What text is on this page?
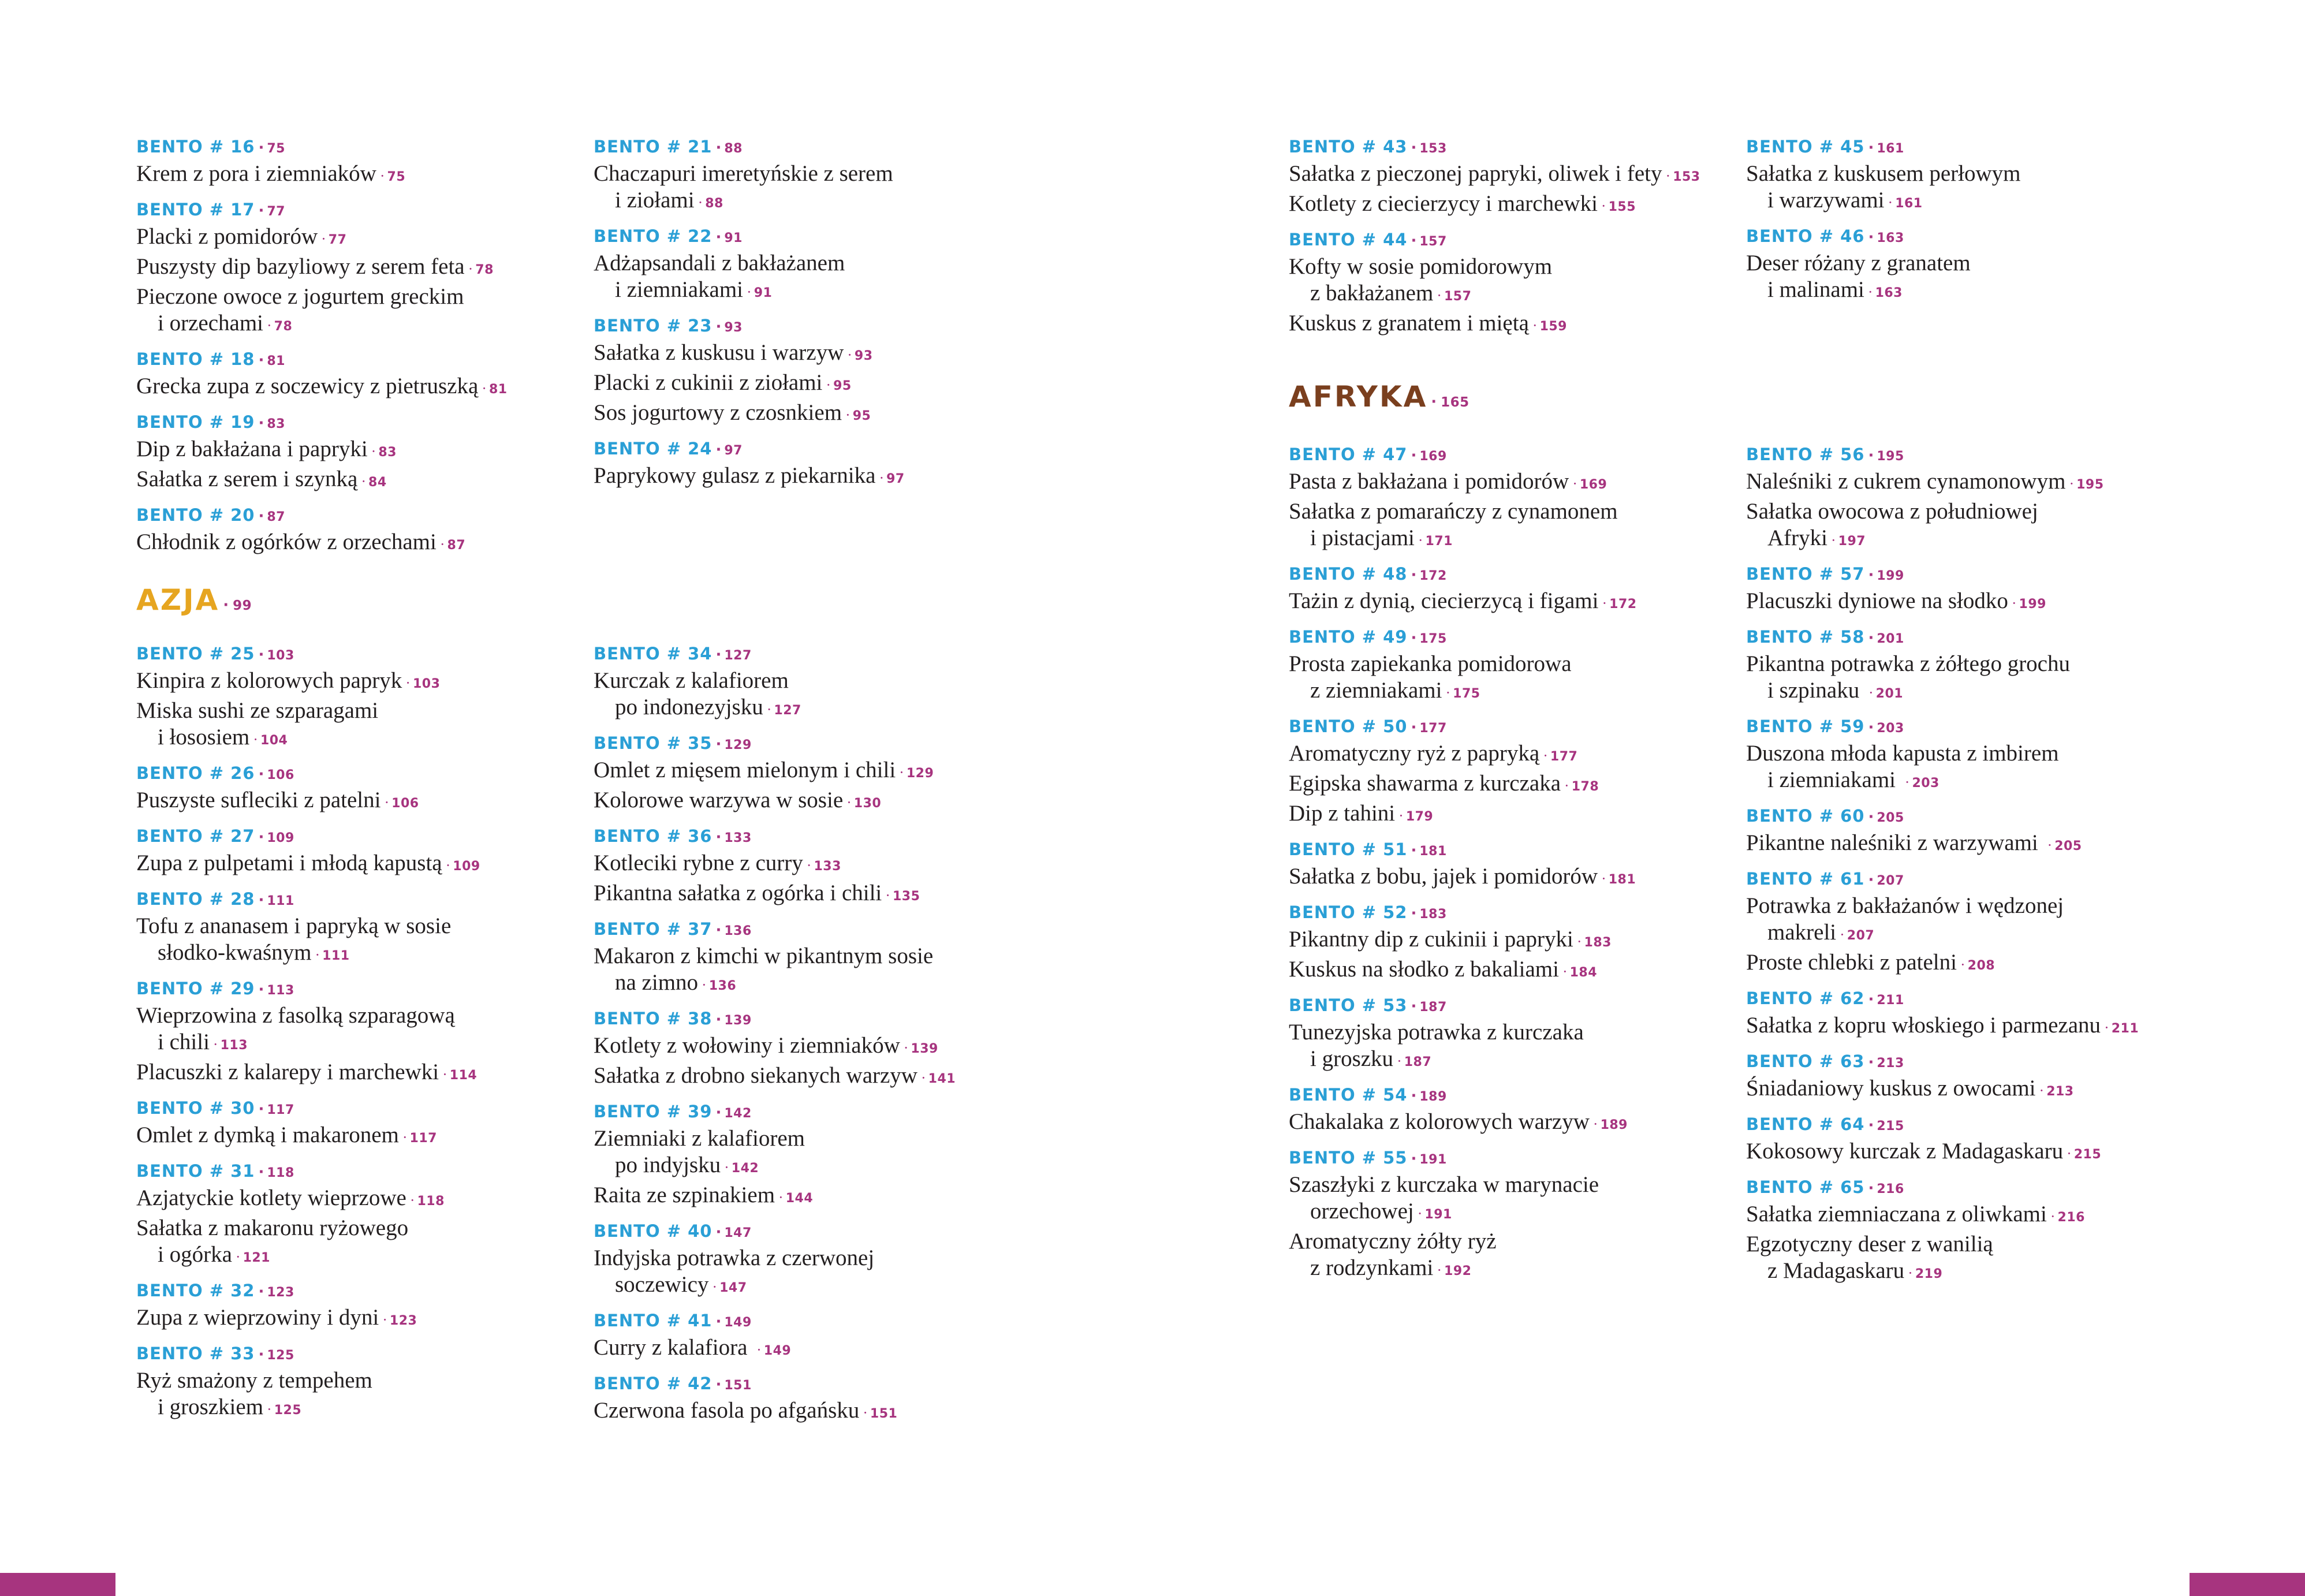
BENTO # 16 · 75
Krem z pora i ziemniaków · 75
BENTO # 17 · 77
Placki z pomidorów · 77
Puszysty dip bazyliowy z serem feta · 78
Pieczone owoce z jogurtem greckim
i orzechami · 78
BENTO # 18 · 81
Grecka zupa z soczewicy z pietruszką · 81
BENTO # 19 · 83
Dip z bakłażana i papryki · 83
Sałatka z serem i szynką · 84
BENTO # 20 · 87
Chłodnik z ogórków z orzechami · 87
BENTO # 21 · 88
Chaczapuri imeretyńskie z serem
i ziołami · 88
BENTO # 22 · 91
Adżapsandali z bakłażanem
i ziemniakami · 91
BENTO # 23 · 93
Sałatka z kuskusu i warzyw · 93
Placki z cukinii z ziołami · 95
Sos jogurtowy z czosnkiem · 95
BENTO # 24 · 97
Paprykowy gulasz z piekarnika · 97
AZJA · 99
BENTO # 25 · 103
Kinpira z kolorowych papryk · 103
Miska sushi ze szparagami
i łososiem · 104
BENTO # 26 · 106
Puszyste sufleciki z patelni · 106
BENTO # 27 · 109
Zupa z pulpetami i młodą kapustą · 109
BENTO # 28 · 111
Tofu z ananasem i papryką w sosie
słodko-kwaśnym · 111
BENTO # 29 · 113
Wieprzowina z fasolką szparagową
i chili · 113
Placuszki z kalarepy i marchewki · 114
BENTO # 30 · 117
Omlet z dymką i makaronem · 117
BENTO # 31 · 118
Azjatyckie kotlety wieprzowe · 118
Sałatka z makaronu ryżowego
i ogórka · 121
BENTO # 32 · 123
Zupa z wieprzowiny i dyni · 123
BENTO # 33 · 125
Ryż smażony z tempehem
i groszkiem · 125
BENTO # 34 · 127
Kurczak z kalafiorem
po indonezyjsku · 127
BENTO # 35 · 129
Omlet z mięsem mielonym i chili · 129
Kolorowe warzywa w sosie · 130
BENTO # 36 · 133
Kotleciki rybne z curry · 133
Pikantna sałatka z ogórka i chili · 135
BENTO # 37 · 136
Makaron z kimchi w pikantnym sosie
na zimno · 136
BENTO # 38 · 139
Kotlety z wołowiny i ziemniaków · 139
Sałatka z drobno siekanych warzyw · 141
BENTO # 39 · 142
Ziemniaki z kalafiorem
po indyjsku · 142
Raita ze szpinakiem · 144
BENTO # 40 · 147
Indyjska potrawka z czerwonej
soczewicy · 147
BENTO # 41 · 149
Curry z kalafiora · 149
BENTO # 42 · 151
Czerwona fasola po afgańsku · 151
BENTO # 43 · 153
Sałatka z pieczonej papryki, oliwek i fety · 153
Kotlety z ciecierzycy i marchewki · 155
BENTO # 44 · 157
Kofty w sosie pomidorowym
z bakłażanem · 157
Kuskus z granatem i miętą · 159
BENTO # 45 · 161
Sałatka z kuskusem perłowym
i warzywami · 161
BENTO # 46 · 163
Deser różany z granatem
i malinami · 163
AFRYKA · 165
BENTO # 47 · 169
Pasta z bakłażana i pomidorów · 169
Sałatka z pomarańczy z cynamonem
i pistacjami · 171
BENTO # 48 · 172
Tażin z dynią, ciecierzycą i figami · 172
BENTO # 49 · 175
Prosta zapiekanka pomidorowa
z ziemniakami · 175
BENTO # 50 · 177
Aromatyczny ryż z papryką · 177
Egipska shawarma z kurczaka · 178
Dip z tahini · 179
BENTO # 51 · 181
Sałatka z bobu, jajek i pomidorów · 181
BENTO # 52 · 183
Pikantny dip z cukinii i papryki · 183
Kuskus na słodko z bakaliami · 184
BENTO # 53 · 187
Tunezyjska potrawka z kurczaka
i groszku · 187
BENTO # 54 · 189
Chakalaka z kolorowych warzyw · 189
BENTO # 55 · 191
Szaszłyki z kurczaka w marynacie
orzechowej · 191
Aromatyczny żółty ryż
z rodzynkami · 192
BENTO # 56 · 195
Naleśniki z cukrem cynamonowym · 195
Sałatka owocowa z południowej
Afryki · 197
BENTO # 57 · 199
Placuszki dyniowe na słodko · 199
BENTO # 58 · 201
Pikantna potrawka z żółtego grochu
i szpinaku · 201
BENTO # 59 · 203
Duszona młoda kapusta z imbirem
i ziemniakami · 203
BENTO # 60 · 205
Pikantne naleśniki z warzywami · 205
BENTO # 61 · 207
Potrawka z bakłażanów i wędzonej
makreli · 207
Proste chlebki z patelni · 208
BENTO # 62 · 211
Sałatka z kopru włoskiego i parmezanu · 211
BENTO # 63 · 213
Śniadaniowy kuskus z owocami · 213
BENTO # 64 · 215
Kokosowy kurczak z Madagaskaru · 215
BENTO # 65 · 216
Sałatka ziemniaczana z oliwkami · 216
Egzotyczny deser z wanilią
z Madagaskaru · 219
